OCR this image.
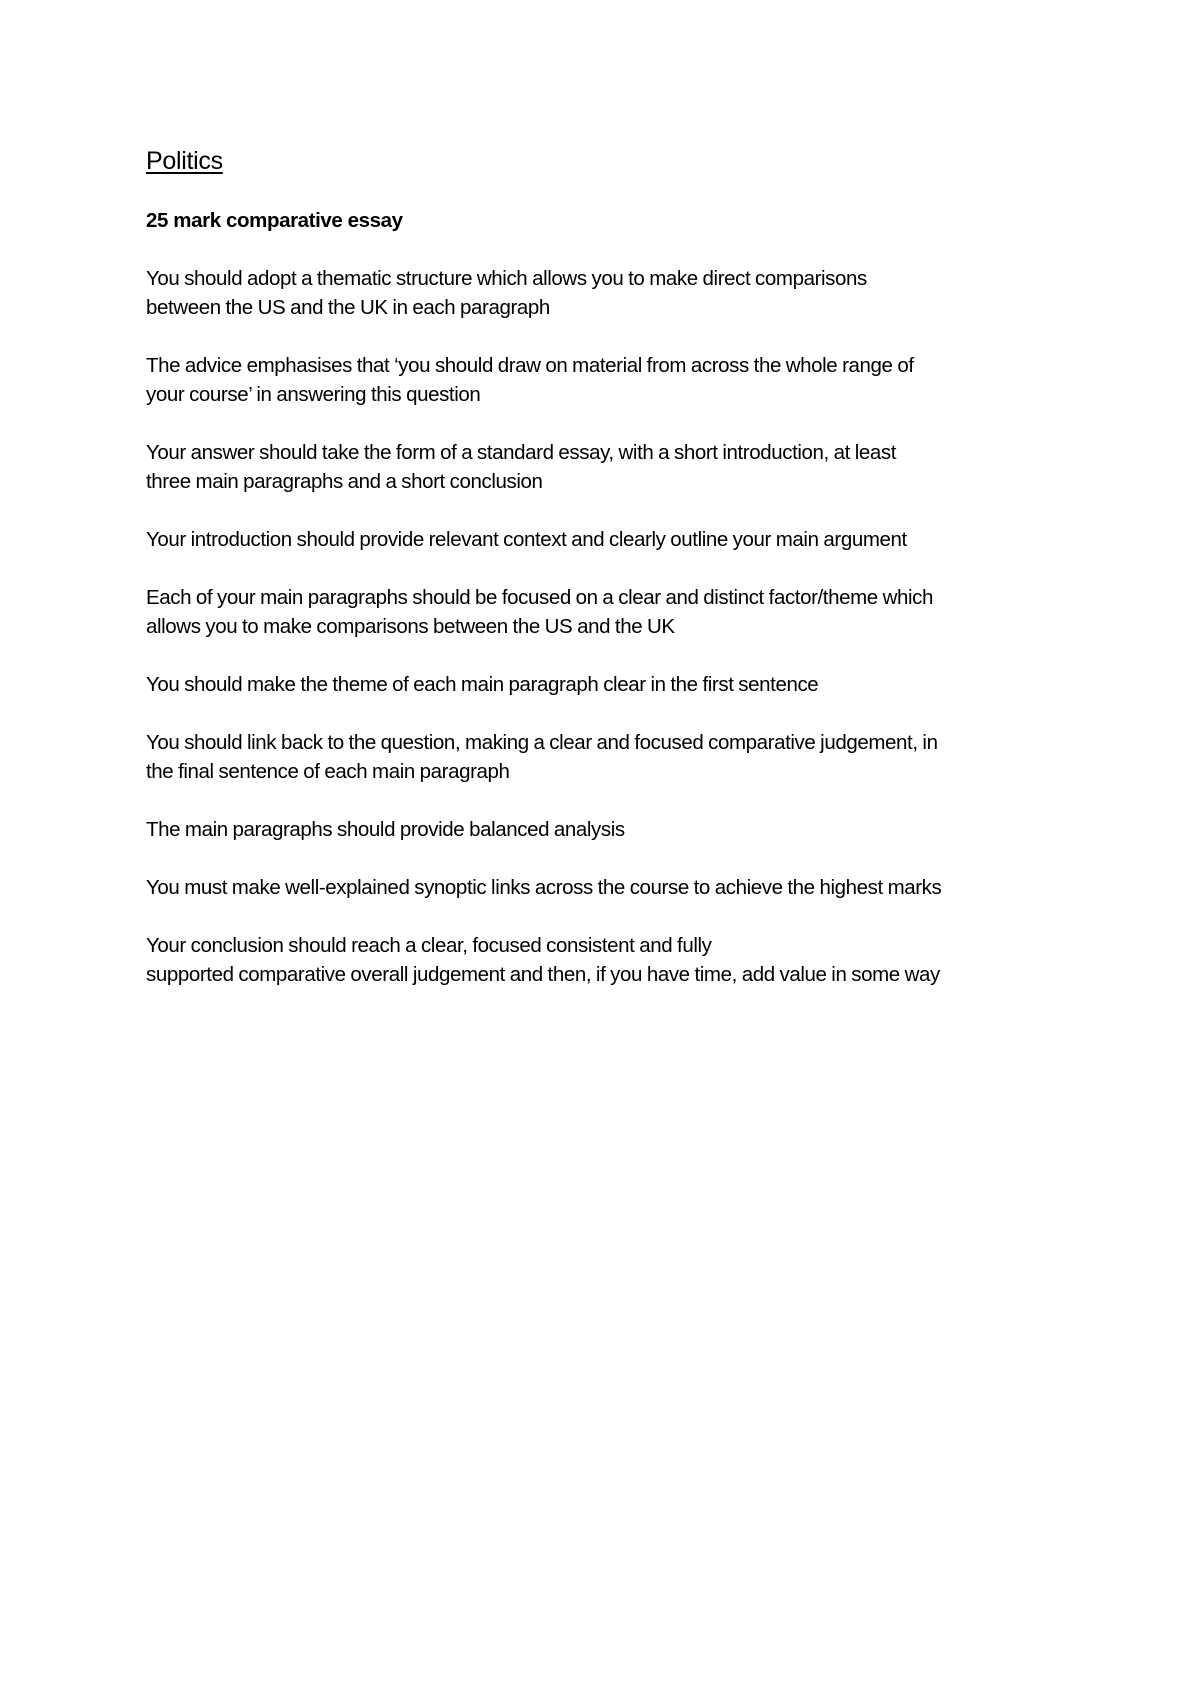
Politics
25 mark comparative essay
You should adopt a thematic structure which allows you to make direct comparisons
between the US and the UK in each paragraph
The advice emphasises that ‘you should draw on material from across the whole range of
your course’ in answering this question
Your answer should take the form of a standard essay, with a short introduction, at least
three main paragraphs and a short conclusion
Your introduction should provide relevant context and clearly outline your main argument
Each of your main paragraphs should be focused on a clear and distinct factor/theme which
allows you to make comparisons between the US and the UK
You should make the theme of each main paragraph clear in the first sentence
You should link back to the question, making a clear and focused comparative judgement, in
the final sentence of each main paragraph
The main paragraphs should provide balanced analysis
You must make well-explained synoptic links across the course to achieve the highest marks
Your conclusion should reach a clear, focused consistent and fully
supported comparative overall judgement and then, if you have time, add value in some way
